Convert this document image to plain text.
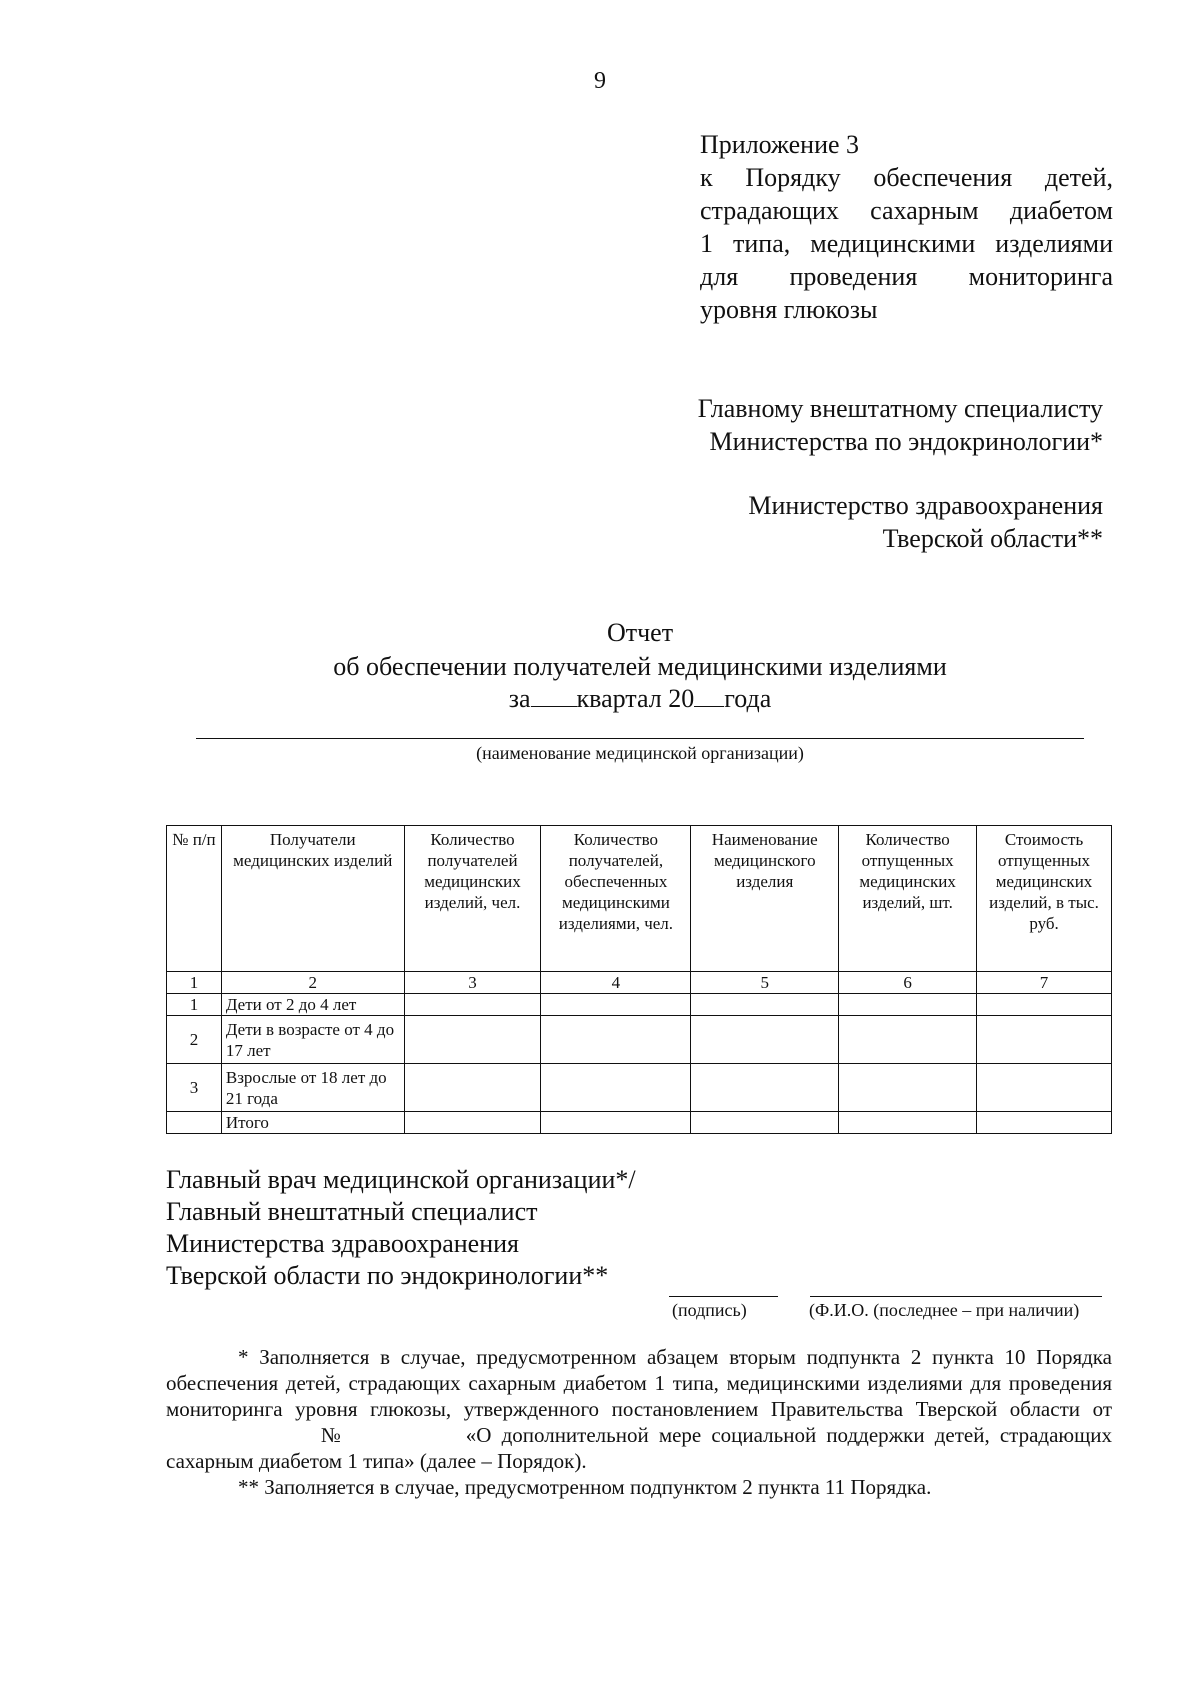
9
Приложение 3
к Порядку обеспечения детей,
страдающих сахарным диабетом
1 типа, медицинскими изделиями
для проведения мониторинга
уровня глюкозы
Главному внештатному специалисту
Министерства по эндокринологии*
Министерство здравоохранения
Тверской области**
Отчет
об обеспечении получателей медицинскими изделиями
за квартал 20 года
(наименование медицинской организации)
№ п/п	Получатели медицинских изделий	Количество получателей медицинских изделий, чел.	Количество получателей, обеспеченных медицинскими изделиями, чел.	Наименование медицинского изделия	Количество отпущенных медицинских изделий, шт.	Стоимость отпущенных медицинских изделий, в тыс. руб.
1	2	3	4	5	6	7
1	Дети от 2 до 4 лет					
2	Дети в возрасте от 4 до 17 лет					
3	Взрослые от 18 лет до 21 года					
	Итого					
Главный врач медицинской организации*/
Главный внештатный специалист
Министерства здравоохранения
Тверской области по эндокринологии**
(подпись)	(Ф.И.О. (последнее – при наличии)

* Заполняется в случае, предусмотренном абзацем вторым подпункта 2 пункта 10 Порядка обеспечения детей, страдающих сахарным диабетом 1 типа, медицинскими изделиями для проведения мониторинга уровня глюкозы, утвержденного постановлением Правительства Тверской области от№	«О дополнительной мере социальной поддержки детей, страдающих сахарным диабетом 1 типа» (далее – Порядок).

** Заполняется в случае, предусмотренном подпунктом 2 пункта 11 Порядка.
